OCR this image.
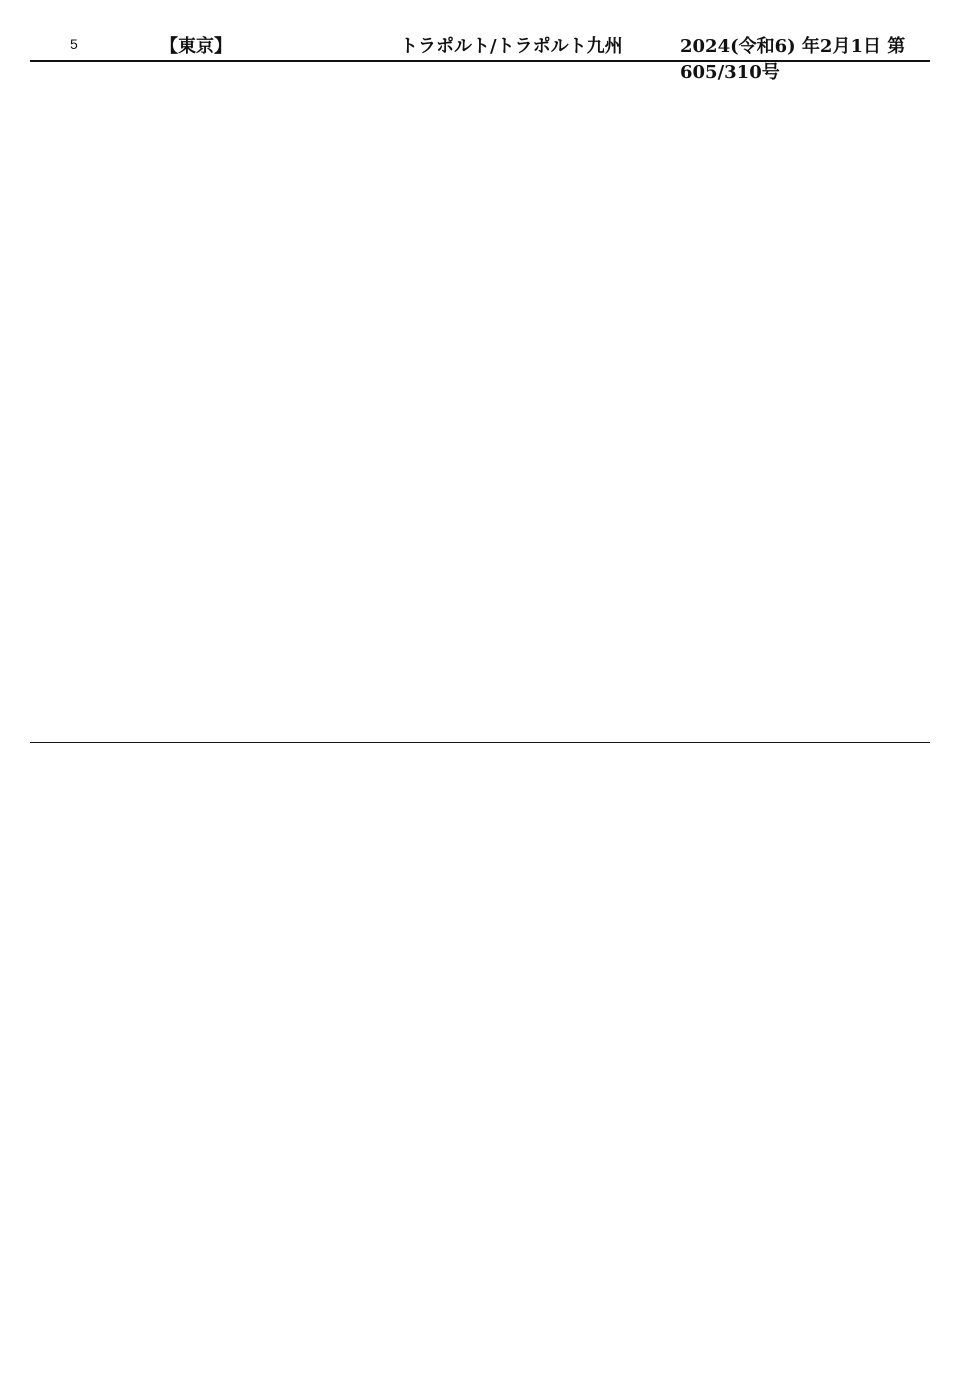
5	【東京】	トラポルト/トラポルト九州	2024(令和6) 年2月1日 第605/310号
